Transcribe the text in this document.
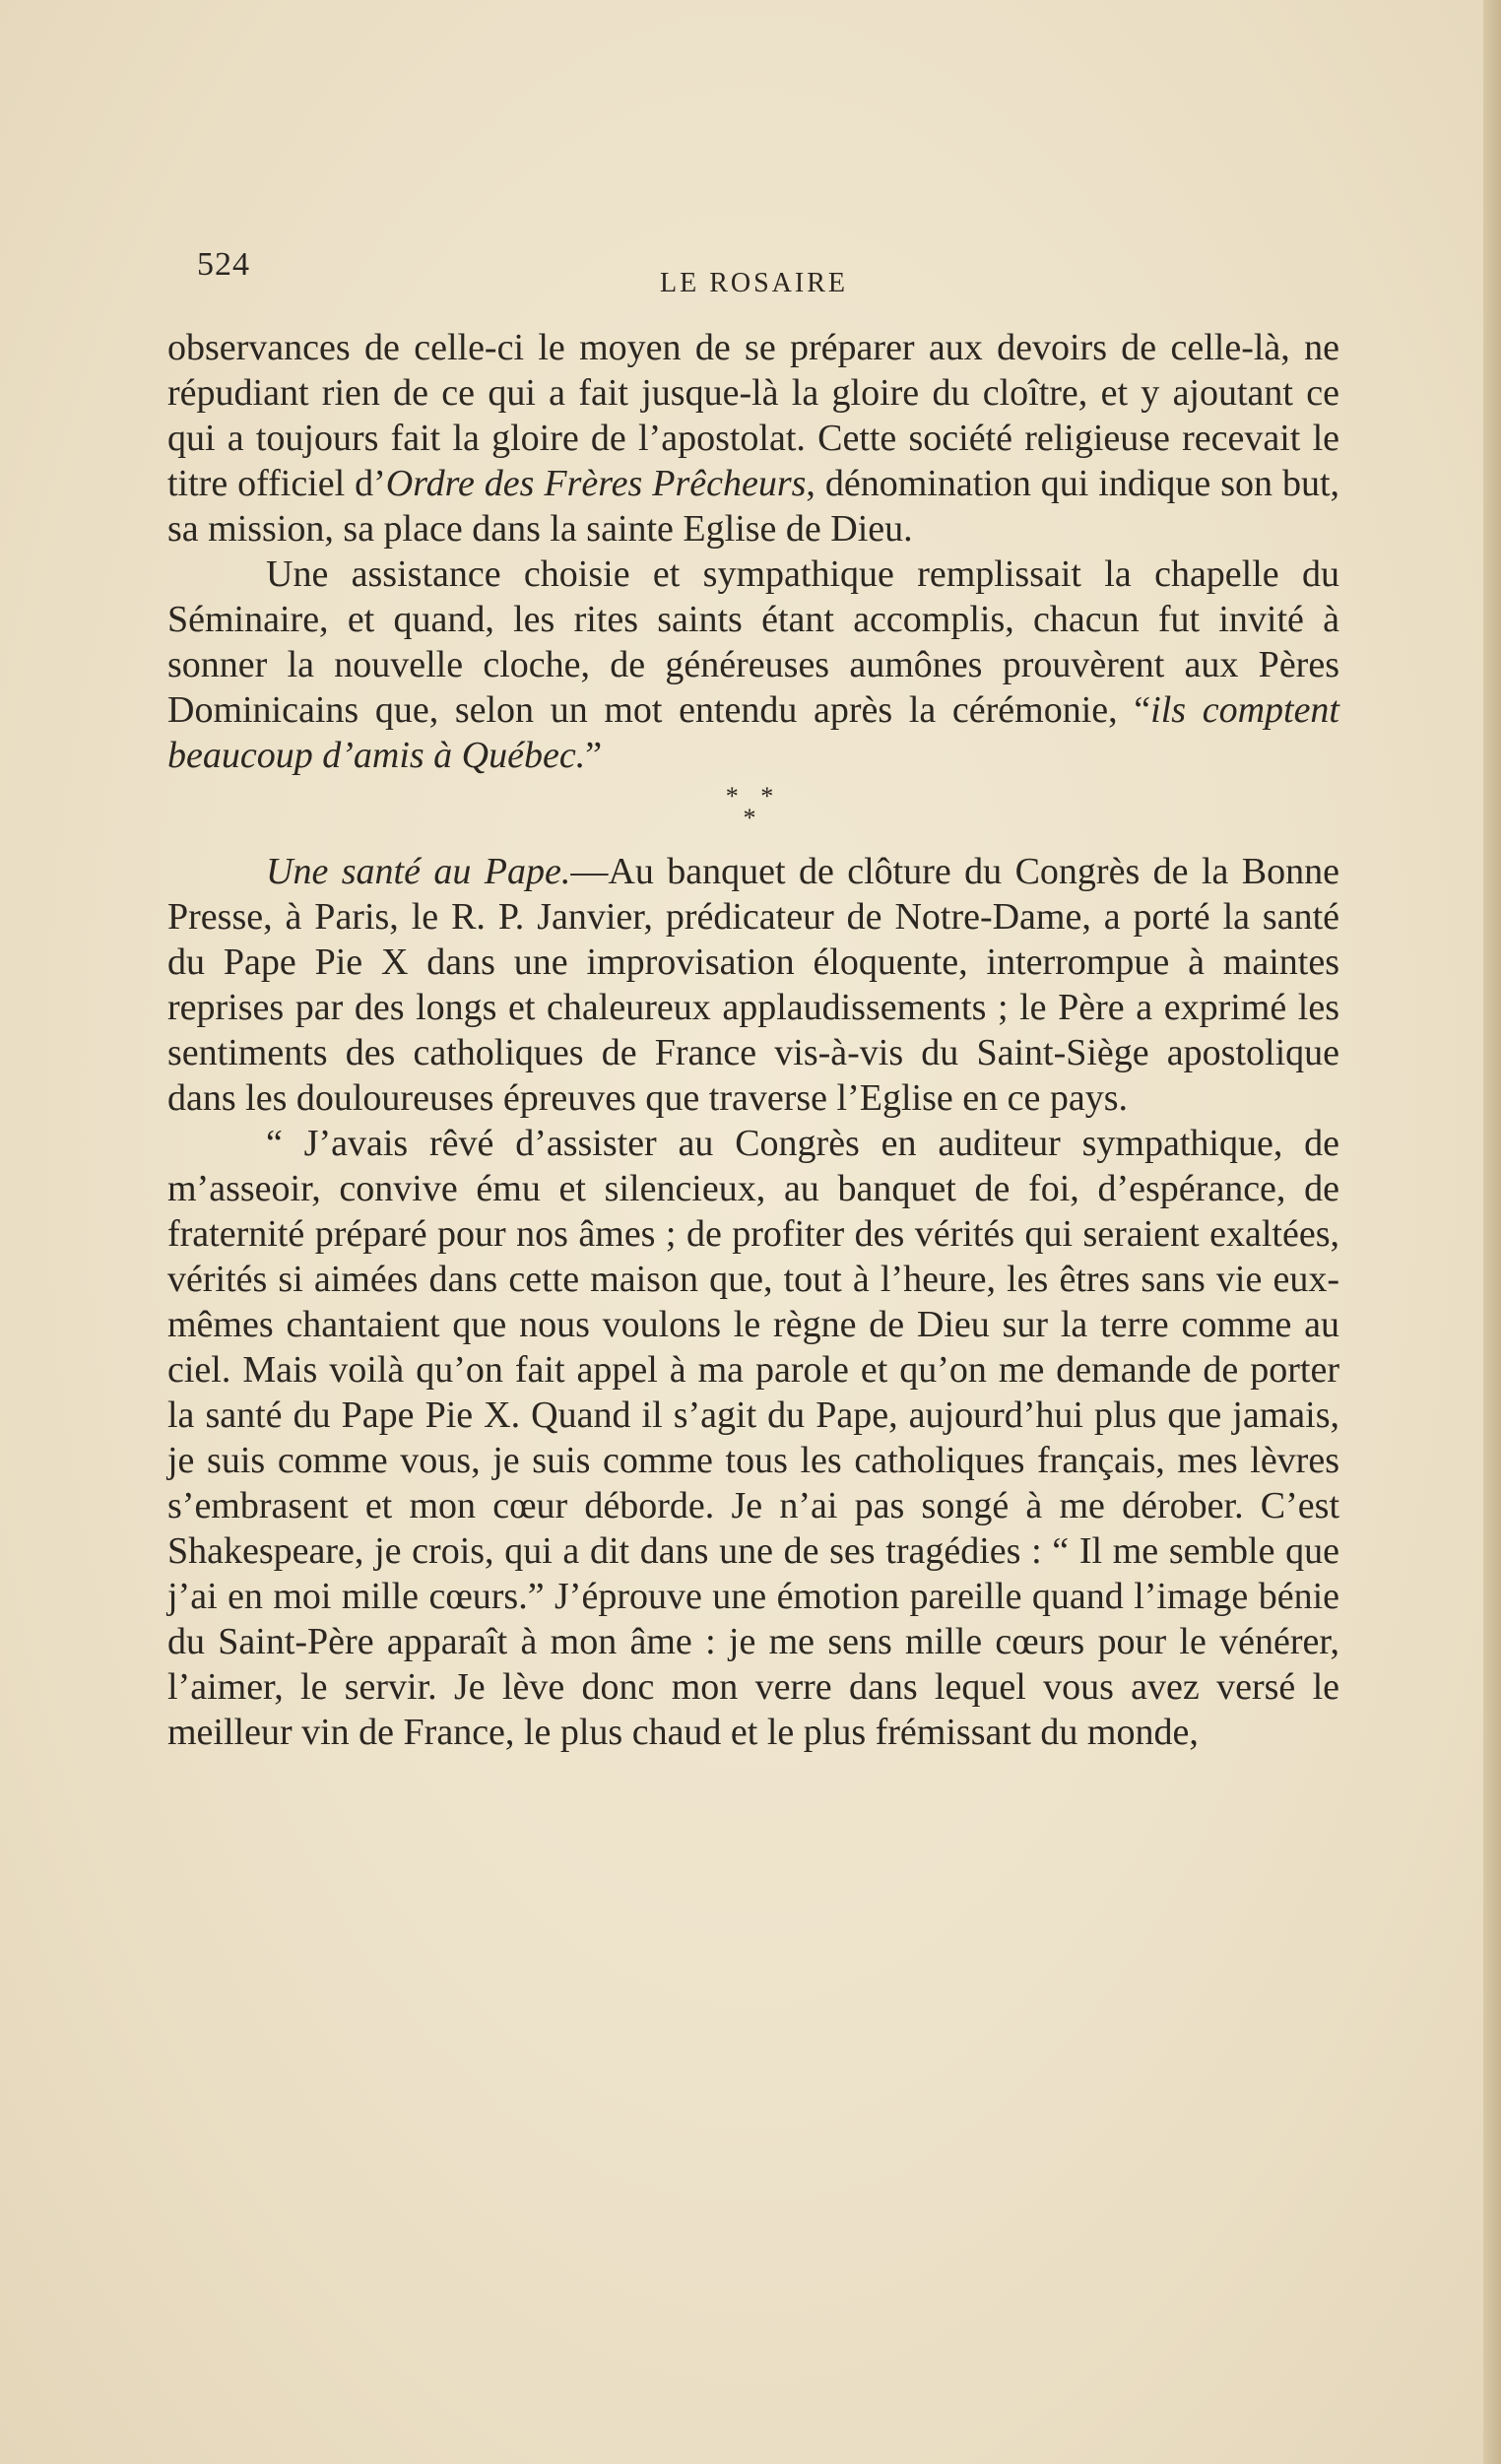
524
LE ROSAIRE

observances de celle-ci le moyen de se préparer aux devoirs de celle-là, ne répudiant rien de ce qui a fait jusque-là la gloire du cloître, et y ajoutant ce qui a toujours fait la gloire de l’apostolat. Cette société religieuse recevait le titre officiel d’Ordre des Frères Prêcheurs, dénomination qui indique son but, sa mission, sa place dans la sainte Eglise de Dieu.

Une assistance choisie et sympathique remplissait la chapelle du Séminaire, et quand, les rites saints étant accomplis, chacun fut invité à sonner la nouvelle cloche, de généreuses aumônes prouvèrent aux Pères Dominicains que, selon un mot entendu après la cérémonie, “ils comptent beaucoup d’amis à Québec.”

* *
*

Une santé au Pape.—Au banquet de clôture du Congrès de la Bonne Presse, à Paris, le R. P. Janvier, prédicateur de Notre-Dame, a porté la santé du Pape Pie X dans une improvisation éloquente, interrompue à maintes reprises par des longs et chaleureux applaudissements ; le Père a exprimé les sentiments des catholiques de France vis-à-vis du Saint-Siège apostolique dans les douloureuses épreuves que traverse l’Eglise en ce pays.

“ J’avais rêvé d’assister au Congrès en auditeur sympathique, de m’asseoir, convive ému et silencieux, au banquet de foi, d’espérance, de fraternité préparé pour nos âmes ; de profiter des vérités qui seraient exaltées, vérités si aimées dans cette maison que, tout à l’heure, les êtres sans vie eux-mêmes chantaient que nous voulons le règne de Dieu sur la terre comme au ciel. Mais voilà qu’on fait appel à ma parole et qu’on me demande de porter la santé du Pape Pie X. Quand il s’agit du Pape, aujourd’hui plus que jamais, je suis comme vous, je suis comme tous les catholiques français, mes lèvres s’embrasent et mon cœur déborde. Je n’ai pas songé à me dérober. C’est Shakespeare, je crois, qui a dit dans une de ses tragédies : “ Il me semble que j’ai en moi mille cœurs.” J’éprouve une émotion pareille quand l’image bénie du Saint-Père apparaît à mon âme : je me sens mille cœurs pour le vénérer, l’aimer, le servir. Je lève donc mon verre dans lequel vous avez versé le meilleur vin de France, le plus chaud et le plus frémissant du monde,
